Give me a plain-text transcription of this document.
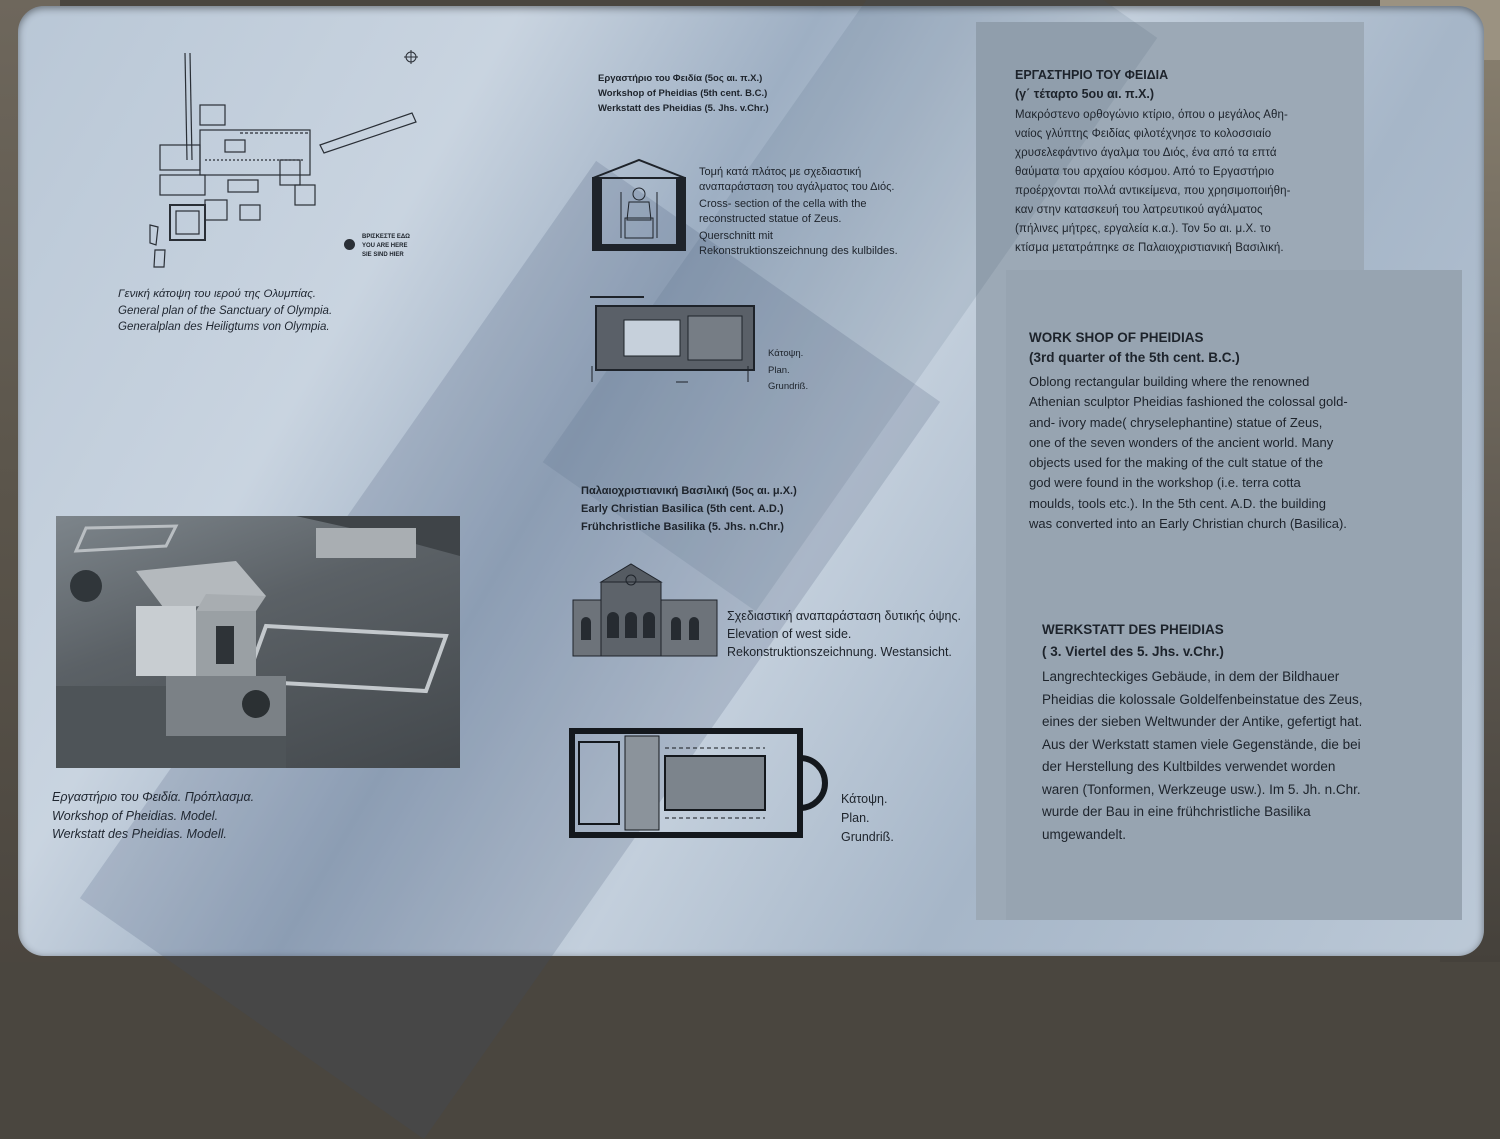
ΒΡΙΣΚΕΣΤΕ ΕΔΩ
YOU ARE HERE
SIE SIND HIER
Γενική κάτοψη του ιερού της Ολυμπίας.
General plan of the Sanctuary of Olympia.
Generalplan des Heiligtums von Olympia.
Εργαστήριο του Φειδία (5ος αι. π.Χ.)
Workshop of Pheidias (5th cent. B.C.)
Werkstatt des Pheidias (5. Jhs. v.Chr.)
Τομή κατά πλάτος με σχεδιαστική
αναπαράσταση του αγάλματος του Διός.
Cross- section of the cella with the
reconstructed statue of Zeus.
Querschnitt mit
Rekonstruktionszeichnung des kulbildes.
Κάτοψη.
Plan.
Grundriß.
Παλαιοχριστιανική Βασιλική (5ος αι. μ.Χ.)
Early Christian Basilica (5th cent. A.D.)
Frühchristliche Basilika (5. Jhs. n.Chr.)
Σχεδιαστική αναπαράσταση δυτικής όψης.
Elevation of west side.
Rekonstruktionszeichnung. Westansicht.
Κάτοψη.
Plan.
Grundriß.
Εργαστήριο του Φειδία. Πρόπλασμα.
Workshop of Pheidias. Model.
Werkstatt des Pheidias. Modell.
ΕΡΓΑΣΤΗΡΙΟ ΤΟΥ ΦΕΙΔΙΑ
(γ΄ τέταρτο 5ου αι. π.Χ.)
Μακρόστενο ορθογώνιο κτίριο, όπου ο μεγάλος Αθη-
ναίος γλύπτης Φειδίας φιλοτέχνησε το κολοσσιαίο
χρυσελεφάντινο άγαλμα του Διός, ένα από τα επτά
θαύματα του αρχαίου κόσμου. Από το Εργαστήριο
προέρχονται πολλά αντικείμενα, που χρησιμοποιήθη-
καν στην κατασκευή του λατρευτικού αγάλματος
(πήλινες μήτρες, εργαλεία κ.α.). Τον 5ο αι. μ.Χ. το
κτίσμα μετατράπηκε σε Παλαιοχριστιανική Βασιλική.
WORK SHOP OF PHEIDIAS
(3rd quarter of the 5th cent. B.C.)
Oblong rectangular building where the renowned
Athenian sculptor Pheidias fashioned the colossal gold-
and- ivory made( chryselephantine) statue of Zeus,
one of the seven wonders of the ancient world. Many
objects used for the making of the cult statue of the
god were found in the workshop (i.e. terra cotta
moulds, tools etc.). In the 5th cent. A.D. the building
was converted into an Early Christian church (Basilica).
WERKSTATT DES PHEIDIAS
( 3. Viertel des 5. Jhs. v.Chr.)
Langrechteckiges Gebäude, in dem der Bildhauer
Pheidias die kolossale Goldelfenbeinstatue des Zeus,
eines der sieben Weltwunder der Antike, gefertigt hat.
Aus der Werkstatt stamen viele Gegenstände, die bei
der Herstellung des Kultbildes verwendet worden
waren (Tonformen, Werkzeuge usw.). Im 5. Jh. n.Chr.
wurde der Bau in eine frühchristliche Basilika
umgewandelt.
